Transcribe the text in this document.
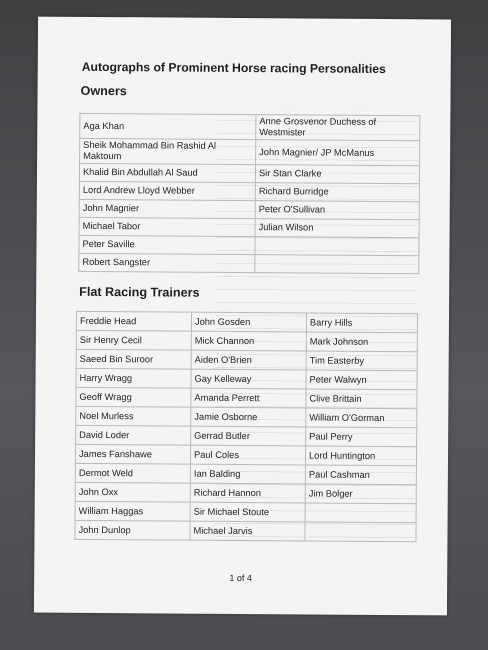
Autographs of Prominent Horse racing Personalities
Owners
Aga Khan	Anne Grosvenor Duchess of Westmister
Sheik Mohammad Bin Rashid Al Maktoum	John Magnier/ JP McManus
Khalid Bin Abdullah Al Saud	Sir Stan Clarke
Lord Andrew Lloyd Webber	Richard Burridge
John Magnier	Peter O'Sullivan
Michael Tabor	Julian Wilson
Peter Saville	
Robert Sangster	
Flat Racing Trainers
Freddie Head	John Gosden	Barry Hills
Sir Henry Cecil	Mick Channon	Mark Johnson
Saeed Bin Suroor	Aiden O'Brien	Tim Easterby
Harry Wragg	Gay Kelleway	Peter Walwyn
Geoff Wragg	Amanda Perrett	Clive Brittain
Noel Murless	Jamie Osborne	William O'Gorman
David Loder	Gerrad Butler	Paul Perry
James Fanshawe	Paul Coles	Lord Huntington
Dermot Weld	Ian Balding	Paul Cashman
John Oxx	Richard Hannon	Jim Bolger
William Haggas	Sir Michael Stoute	
John Dunlop	Michael Jarvis	
1 of 4
